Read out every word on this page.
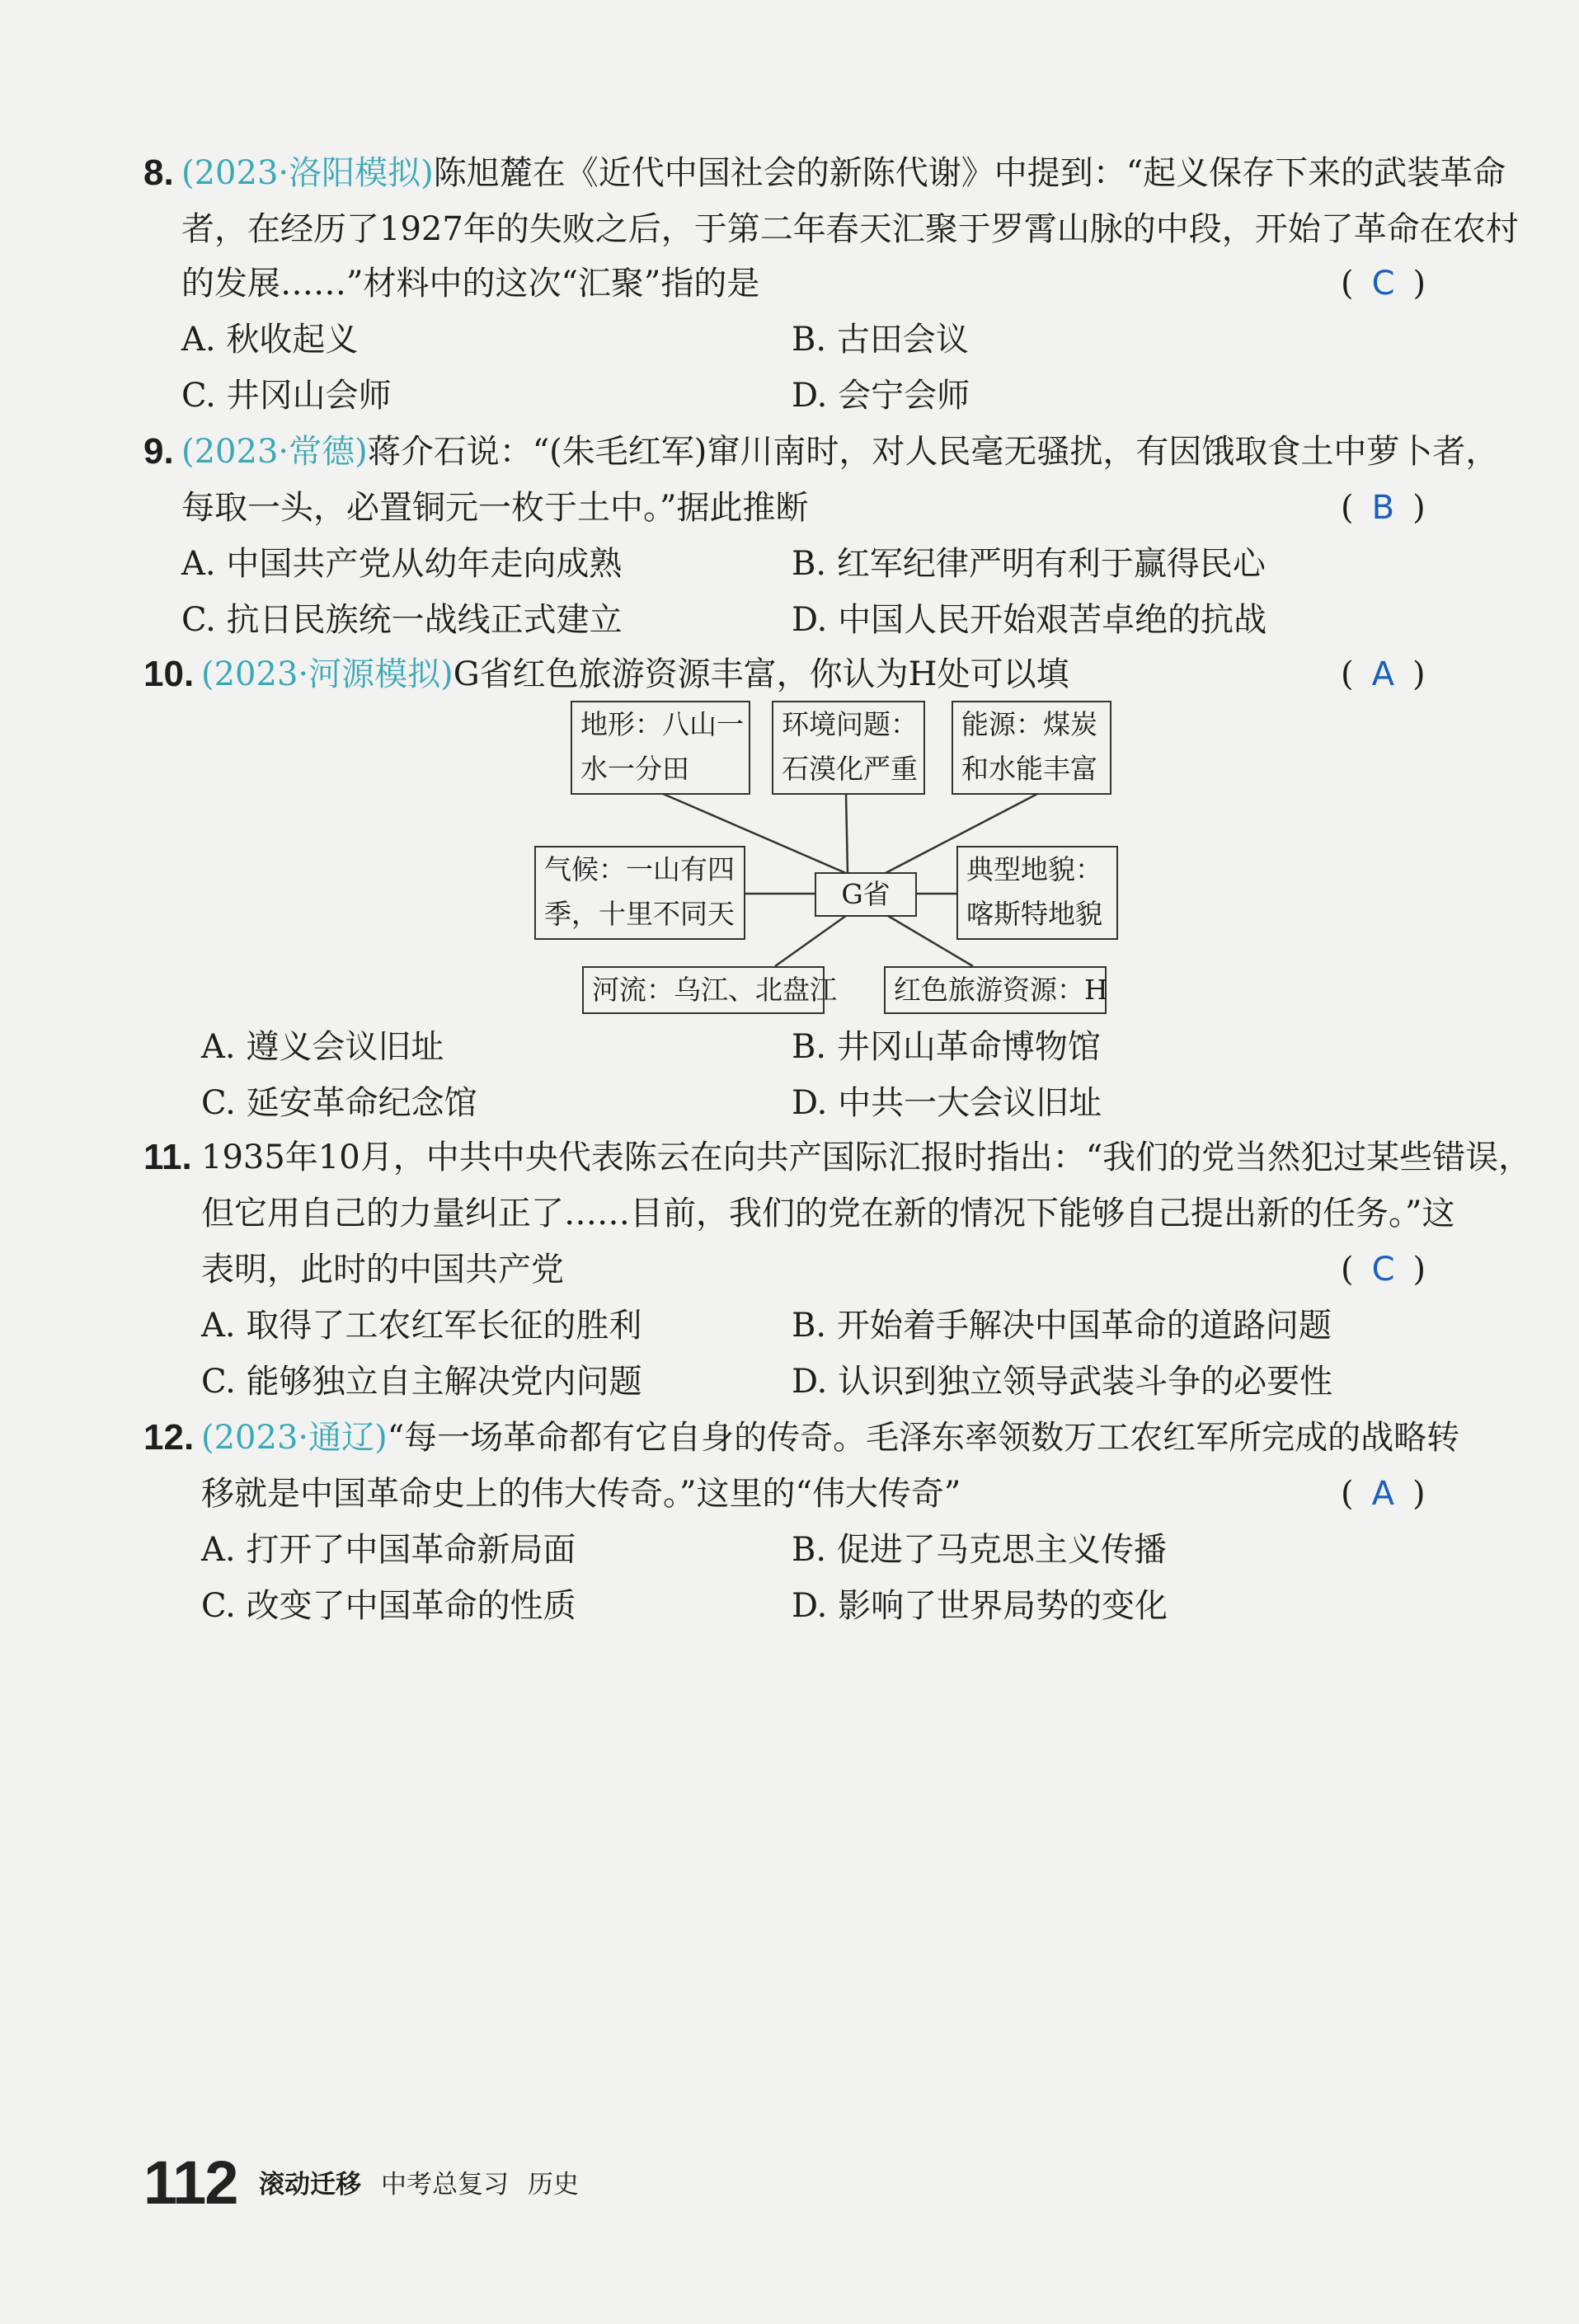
8. (2023·洛阳模拟)陈旭麓在《近代中国社会的新陈代谢》中提到：“起义保存下来的武装革命
者，在经历了1927年的失败之后，于第二年春天汇聚于罗霄山脉的中段，开始了革命在农村
的发展……”材料中的这次“汇聚”指的是	( C )
A. 秋收起义	B. 古田会议
C. 井冈山会师	D. 会宁会师
9. (2023·常德)蒋介石说：“(朱毛红军)窜川南时，对人民毫无骚扰，有因饿取食土中萝卜者，
每取一头，必置铜元一枚于土中。”据此推断	( B )
A. 中国共产党从幼年走向成熟	B. 红军纪律严明有利于赢得民心
C. 抗日民族统一战线正式建立	D. 中国人民开始艰苦卓绝的抗战
10. (2023·河源模拟)G省红色旅游资源丰富，你认为H处可以填	( A )
地形：八山一
水一分田
环境问题：
石漠化严重
能源：煤炭
和水能丰富
气候：一山有四
季，十里不同天
G省
典型地貌：
喀斯特地貌
河流：乌江、北盘江	红色旅游资源：H
A. 遵义会议旧址	B. 井冈山革命博物馆
C. 延安革命纪念馆	D. 中共一大会议旧址
11. 1935年10月，中共中央代表陈云在向共产国际汇报时指出：“我们的党当然犯过某些错误，
但它用自己的力量纠正了……目前，我们的党在新的情况下能够自己提出新的任务。”这
表明，此时的中国共产党	( C )
A. 取得了工农红军长征的胜利	B. 开始着手解决中国革命的道路问题
C. 能够独立自主解决党内问题	D. 认识到独立领导武装斗争的必要性
12. (2023·通辽)“每一场革命都有它自身的传奇。毛泽东率领数万工农红军所完成的战略转
移就是中国革命史上的伟大传奇。”这里的“伟大传奇”	( A )
A. 打开了中国革命新局面	B. 促进了马克思主义传播
C. 改变了中国革命的性质	D. 影响了世界局势的变化
112 滚动迁移 中考总复习 历史
